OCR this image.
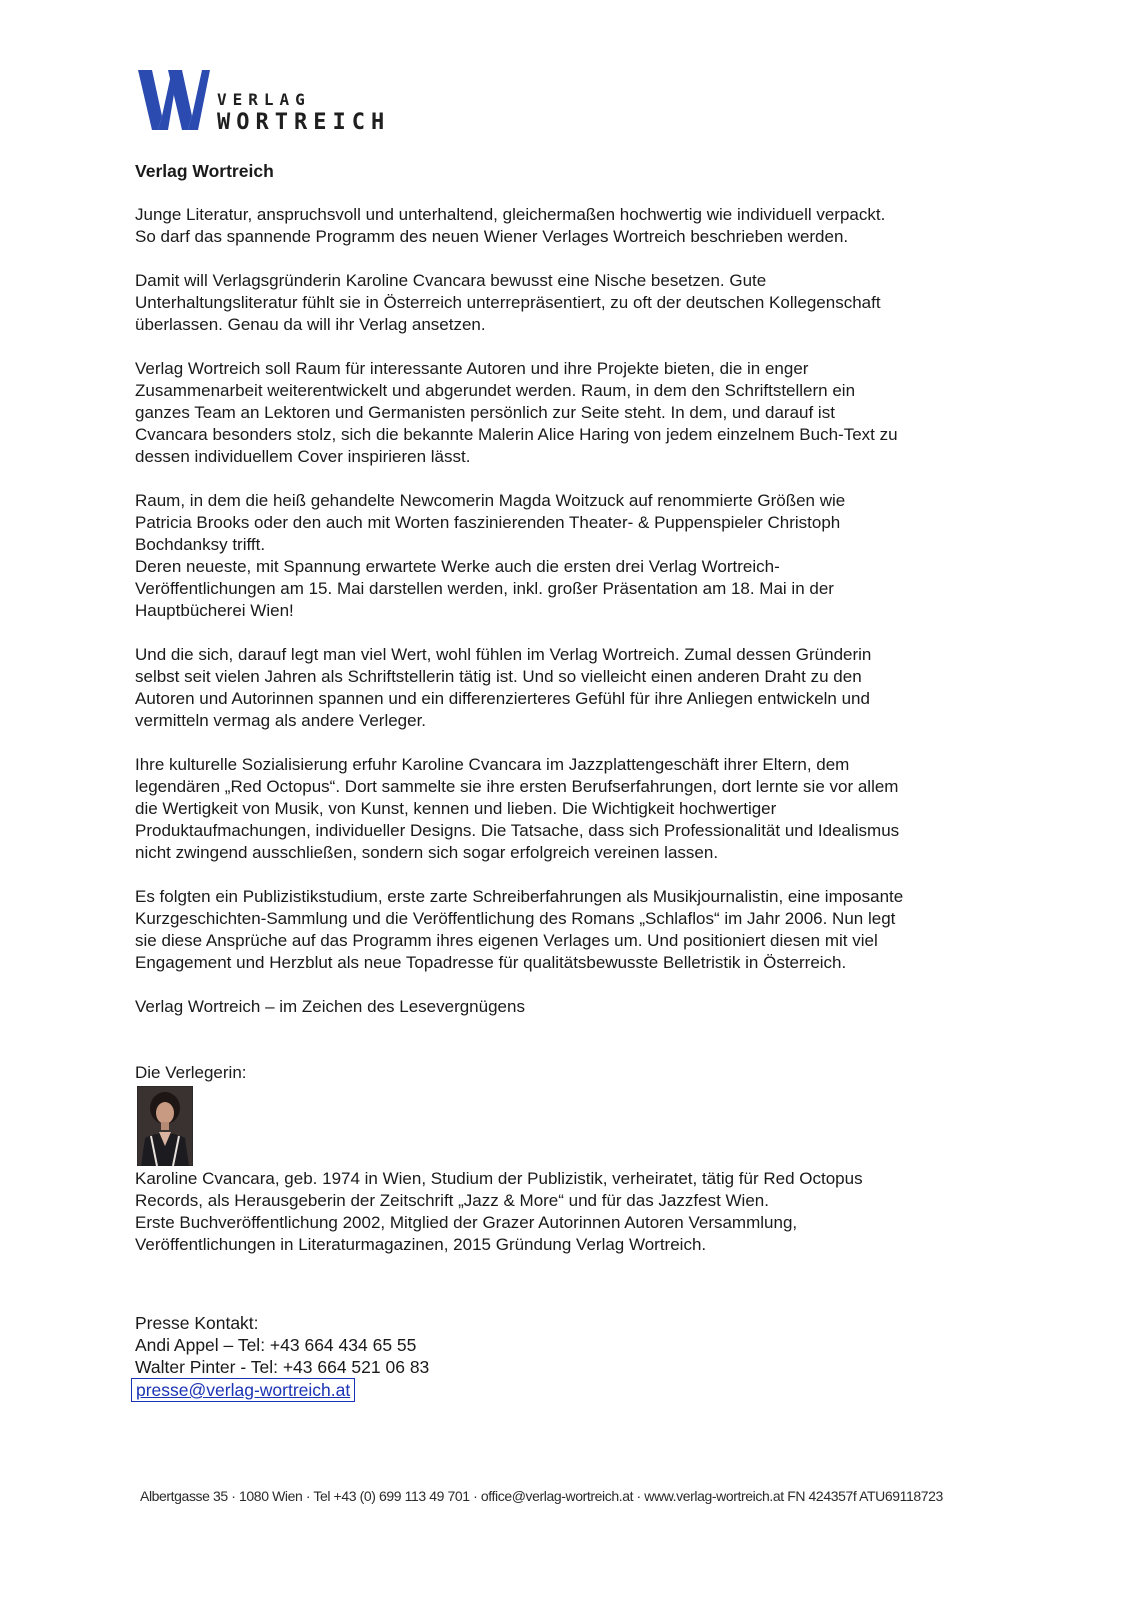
VERLAG
WORTREICH
Verlag Wortreich

Junge Literatur, anspruchsvoll und unterhaltend, gleichermaßen hochwertig wie individuell verpackt.
So darf das spannende Programm des neuen Wiener Verlages Wortreich beschrieben werden.

Damit will Verlagsgründerin Karoline Cvancara bewusst eine Nische besetzen. Gute
Unterhaltungsliteratur fühlt sie in Österreich unterrepräsentiert, zu oft der deutschen Kollegenschaft
überlassen. Genau da will ihr Verlag ansetzen.

Verlag Wortreich soll Raum für interessante Autoren und ihre Projekte bieten, die in enger
Zusammenarbeit weiterentwickelt und abgerundet werden. Raum, in dem den Schriftstellern ein
ganzes Team an Lektoren und Germanisten persönlich zur Seite steht. In dem, und darauf ist
Cvancara besonders stolz, sich die bekannte Malerin Alice Haring von jedem einzelnem Buch-Text zu
dessen individuellem Cover inspirieren lässt.

Raum, in dem die heiß gehandelte Newcomerin Magda Woitzuck auf renommierte Größen wie
Patricia Brooks oder den auch mit Worten faszinierenden Theater- & Puppenspieler Christoph
Bochdanksy trifft.
Deren neueste, mit Spannung erwartete Werke auch die ersten drei Verlag Wortreich-
Veröffentlichungen am 15. Mai darstellen werden, inkl. großer Präsentation am 18. Mai in der
Hauptbücherei Wien!

Und die sich, darauf legt man viel Wert, wohl fühlen im Verlag Wortreich. Zumal dessen Gründerin
selbst seit vielen Jahren als Schriftstellerin tätig ist. Und so vielleicht einen anderen Draht zu den
Autoren und Autorinnen spannen und ein differenzierteres Gefühl für ihre Anliegen entwickeln und
vermitteln vermag als andere Verleger.

Ihre kulturelle Sozialisierung erfuhr Karoline Cvancara im Jazzplattengeschäft ihrer Eltern, dem
legendären „Red Octopus“. Dort sammelte sie ihre ersten Berufserfahrungen, dort lernte sie vor allem
die Wertigkeit von Musik, von Kunst, kennen und lieben. Die Wichtigkeit hochwertiger
Produktaufmachungen, individueller Designs. Die Tatsache, dass sich Professionalität und Idealismus
nicht zwingend ausschließen, sondern sich sogar erfolgreich vereinen lassen.

Es folgten ein Publizistikstudium, erste zarte Schreiberfahrungen als Musikjournalistin, eine imposante
Kurzgeschichten-Sammlung und die Veröffentlichung des Romans „Schlaflos“ im Jahr 2006. Nun legt
sie diese Ansprüche auf das Programm ihres eigenen Verlages um. Und positioniert diesen mit viel
Engagement und Herzblut als neue Topadresse für qualitätsbewusste Belletristik in Österreich.

Verlag Wortreich – im Zeichen des Lesevergnügens

Die Verlegerin:

Karoline Cvancara, geb. 1974 in Wien, Studium der Publizistik, verheiratet, tätig für Red Octopus
Records, als Herausgeberin der Zeitschrift „Jazz & More“ und für das Jazzfest Wien.
Erste Buchveröffentlichung 2002, Mitglied der Grazer Autorinnen Autoren Versammlung,
Veröffentlichungen in Literaturmagazinen, 2015 Gründung Verlag Wortreich.

Presse Kontakt:
Andi Appel – Tel: +43 664 434 65 55
Walter Pinter - Tel: +43 664 521 06 83
presse@verlag-wortreich.at
Albertgasse 35 · 1080 Wien · Tel +43 (0) 699 113 49 701 · office@verlag-wortreich.at · www.verlag-wortreich.at FN 424357f ATU69118723
